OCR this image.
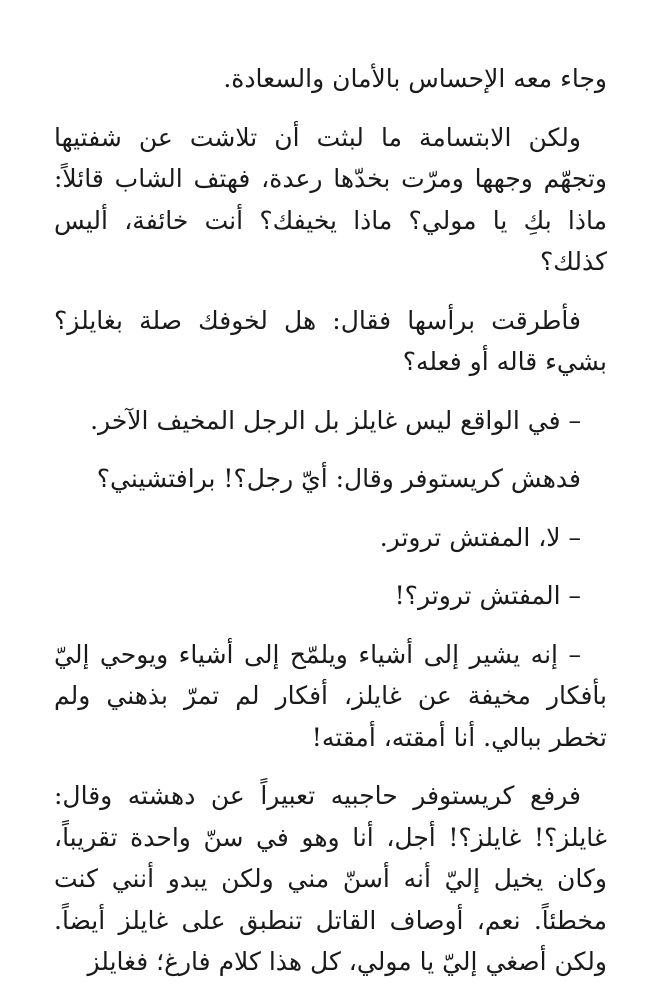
وجاء معه الإحساس بالأمان والسعادة.

ولكن الابتسامة ما لبثت أن تلاشت عن شفتيها وتجهّم وجهها ومرّت بخدّها رعدة، فهتف الشاب قائلاً: ماذا بكِ يا مولي؟ ماذا يخيفك؟ أنت خائفة، أليس كذلك؟

فأطرقت برأسها فقال: هل لخوفك صلة بغايلز؟ بشيء قاله أو فعله؟

– في الواقع ليس غايلز بل الرجل المخيف الآخر.

فدهش كريستوفر وقال: أيّ رجل؟! برافتشيني؟

– لا، المفتش تروتر.

– المفتش تروتر؟!

– إنه يشير إلى أشياء ويلمّح إلى أشياء ويوحي إليّ بأفكار مخيفة عن غايلز، أفكار لم تمرّ بذهني ولم تخطر ببالي. أنا أمقته، أمقته!

فرفع كريستوفر حاجبيه تعبيراً عن دهشته وقال: غايلز؟! غايلز؟! أجل، أنا وهو في سنّ واحدة تقريباً، وكان يخيل إليّ أنه أسنّ مني ولكن يبدو أنني كنت مخطئاً. نعم، أوصاف القاتل تنطبق على غايلز أيضاً. ولكن أصغي إليّ يا مولي، كل هذا كلام فارغ؛ فغايلز
